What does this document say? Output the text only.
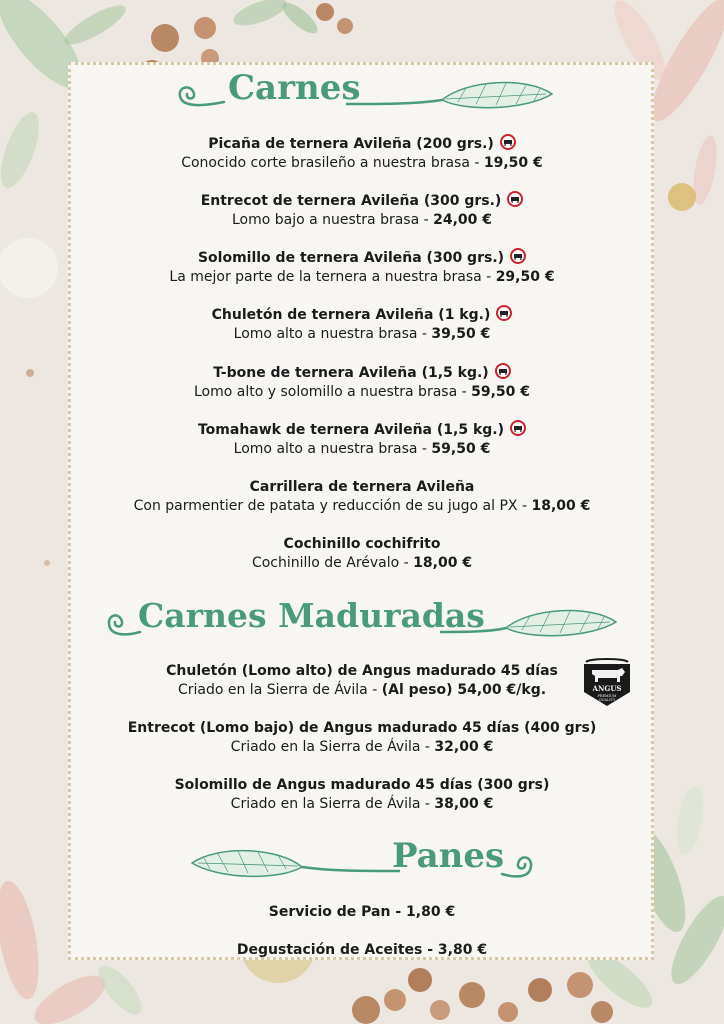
Carnes
Picaña de ternera Avileña (200 grs.)
Conocido corte brasileño a nuestra brasa - 19,50 €
Entrecot de ternera Avileña (300 grs.)
Lomo bajo a nuestra brasa - 24,00 €
Solomillo de ternera Avileña (300 grs.)
La mejor parte de la ternera a nuestra brasa - 29,50 €
Chuletón de ternera Avileña (1 kg.)
Lomo alto a nuestra brasa - 39,50 €
T-bone de ternera Avileña (1,5 kg.)
Lomo alto y solomillo a nuestra brasa - 59,50 €
Tomahawk de ternera Avileña (1,5 kg.)
Lomo alto a nuestra brasa - 59,50 €
Carrillera de ternera Avileña
Con parmentier de patata y reducción de su jugo al PX - 18,00 €
Cochinillo cochifrito
Cochinillo de Arévalo - 18,00 €
Carnes Maduradas
Chuletón (Lomo alto) de Angus madurado 45 días
Criado en la Sierra de Ávila - (Al peso) 54,00 €/kg.	ANGUS
PREMIUM
QUALITY
Entrecot (Lomo bajo) de Angus madurado 45 días (400 grs)
Criado en la Sierra de Ávila - 32,00 €
Solomillo de Angus madurado 45 días (300 grs)
Criado en la Sierra de Ávila - 38,00 €
Panes
Servicio de Pan - 1,80 €
Degustación de Aceites - 3,80 €
